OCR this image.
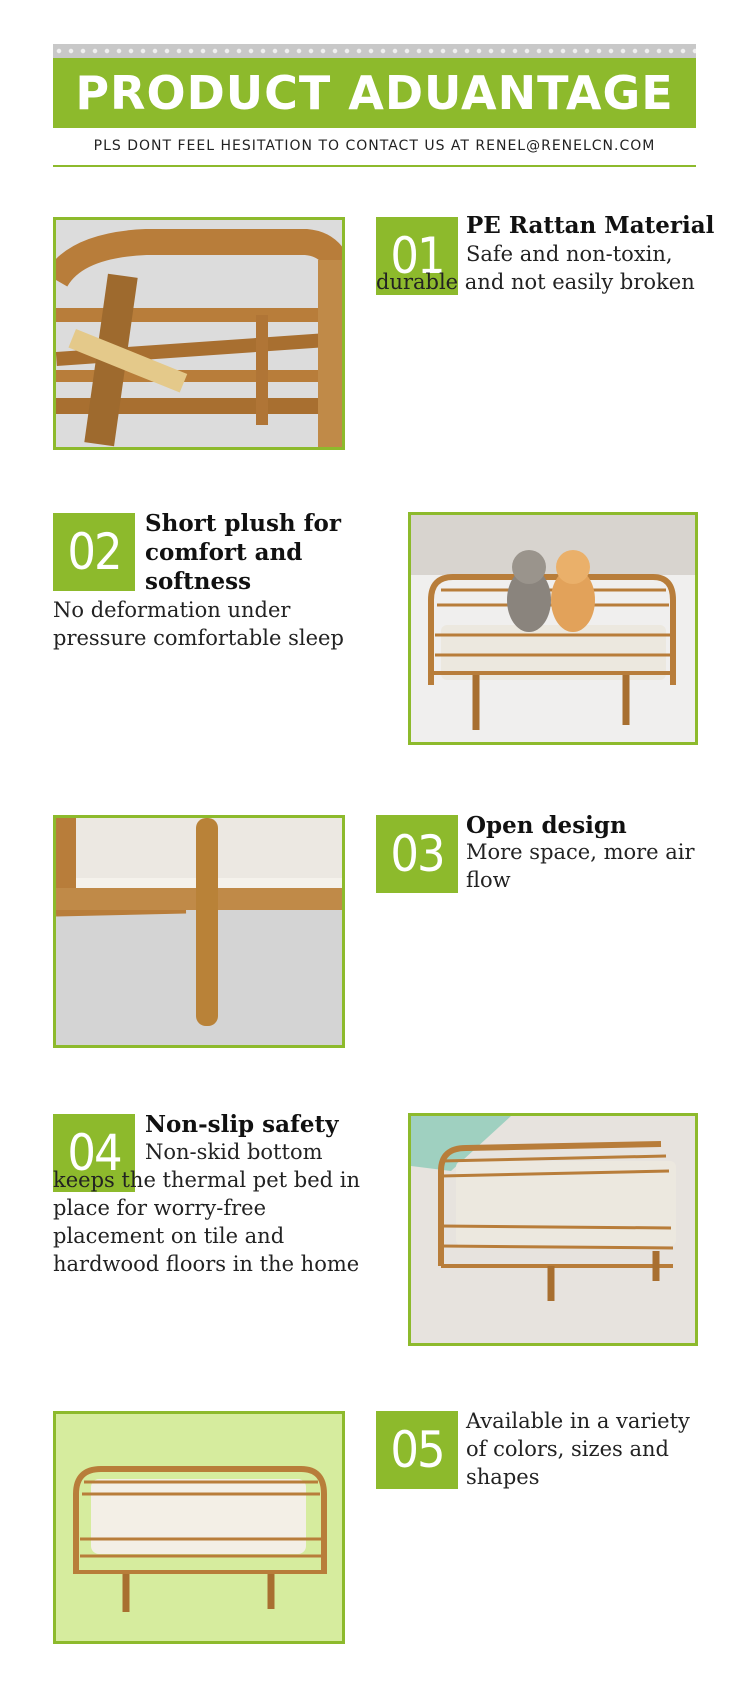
PRODUCT ADUANTAGE
PLS DONT FEEL HESITATION TO CONTACT US AT RENEL@RENELCN.COM
01
PE Rattan Material
Safe and non-toxin, durable and not easily broken
02	Short plush for comfort and softness
No deformation under pressure comfortable sleep
03 Open design
More space, more air flow
04	Non-slip safety
Non-skid bottom keeps the thermal pet bed in place for worry-free placement on tile and hardwood floors in the home
05	Available in a variety of colors, sizes and shapes
